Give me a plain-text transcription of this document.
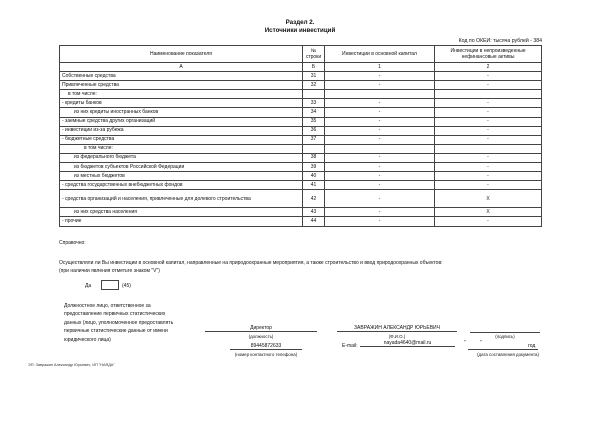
Раздел 2.
Источники инвестиций
Код по ОКЕИ: тысяча рублей - 384
Наименование показателя	№ строки	Инвестиции в основной капитал	Инвестиции в непроизведенные нефинансовые активы
А	Б	1	2
Собственные средства	31	-	-
Привлеченные средства	32	-	-
в том числе:			
- кредиты банков	33	-	-
из них кредиты иностранных банков	34	-	-
- заемные средства других организаций	35	-	-
- инвестиции из-за рубежа	36	-	-
- бюджетные средства	37	-	-
в том числе:			
из федерального бюджета	38	-	-
из бюджетов субъектов Российской Федерации	39	-	-
из местных бюджетов	40	-	-
- средства государственных внебюджетных фондов	41	-	-
- средства организаций и населения, привлеченные для долевого строительства	42	-	X
из них средства населения	43	-	X
- прочие	44	-	-
Справочно:
Осуществляли ли Вы инвестиции в основной капитал, направленные на природоохранные мероприятия, а также строительство и ввод природоохранных объектов:
(при наличии явления отметьте знаком "V")
Да	(45)
Должностное лицо, ответственное за
предоставление первичных статистических
данных (лицо, уполномоченное предоставлять
первичные статистические данные от имени
юридического лица)
Директор
(должность)
ЗАВРАЖИН АЛЕКСАНДР ЮРЬЕВИЧ
(Ф.И.О.)	(подпись)
89445872633
(номер контактного телефона)
E-mail:	nayada4640@mail.ru	"	"	год
(дата составления документа)
ЭП: Завражин Александр Юрьевич, ИП "НАЯДА"
